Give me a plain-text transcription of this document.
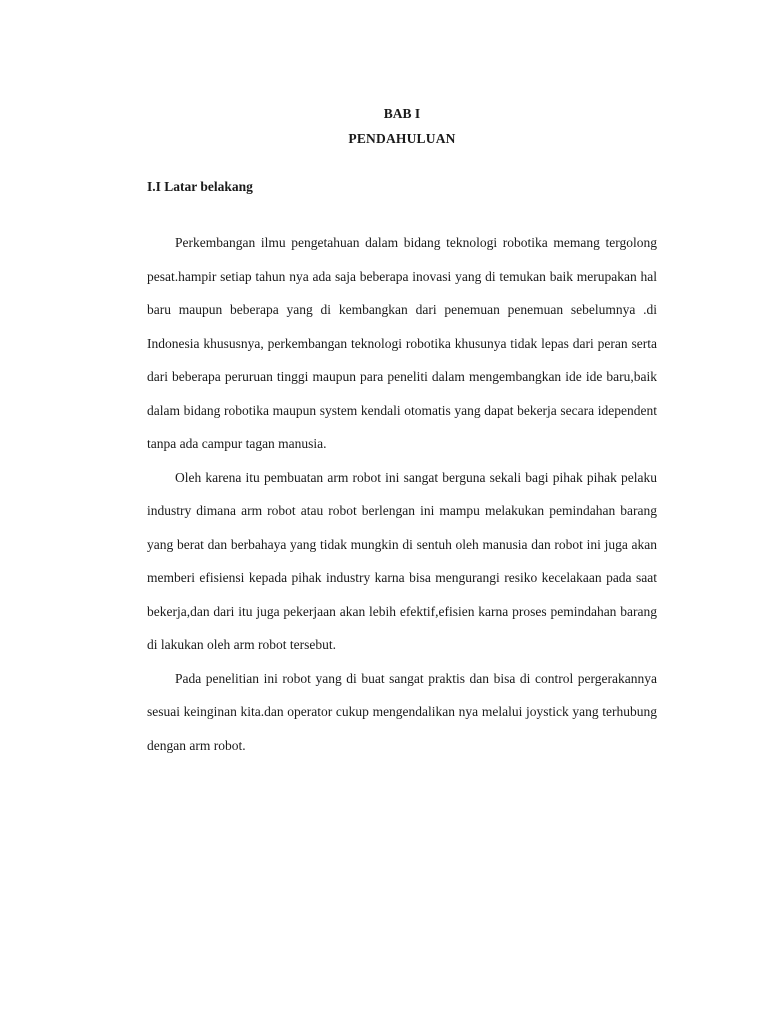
BAB I
PENDAHULUAN
I.I Latar belakang

Perkembangan ilmu pengetahuan dalam bidang teknologi robotika memang tergolong pesat.hampir setiap tahun nya ada saja beberapa inovasi yang di temukan baik merupakan hal baru maupun beberapa yang di kembangkan dari penemuan penemuan sebelumnya .di Indonesia khususnya, perkembangan teknologi robotika khusunya tidak lepas dari peran serta dari beberapa peruruan tinggi maupun para peneliti dalam mengembangkan ide ide baru,baik dalam bidang robotika maupun system kendali otomatis yang dapat bekerja secara idependent tanpa ada campur tagan manusia.

Oleh karena itu pembuatan arm robot ini sangat berguna sekali bagi pihak pihak pelaku industry dimana arm robot atau robot berlengan ini mampu melakukan pemindahan barang yang berat dan berbahaya yang tidak mungkin di sentuh oleh manusia dan robot ini juga akan memberi efisiensi kepada pihak industry karna bisa mengurangi resiko kecelakaan pada saat bekerja,dan dari itu juga pekerjaan akan lebih efektif,efisien karna proses pemindahan barang di lakukan oleh arm robot tersebut.

Pada penelitian ini robot yang di buat sangat praktis dan bisa di control pergerakannya sesuai keinginan kita.dan operator cukup mengendalikan nya melalui joystick yang terhubung dengan arm robot.
